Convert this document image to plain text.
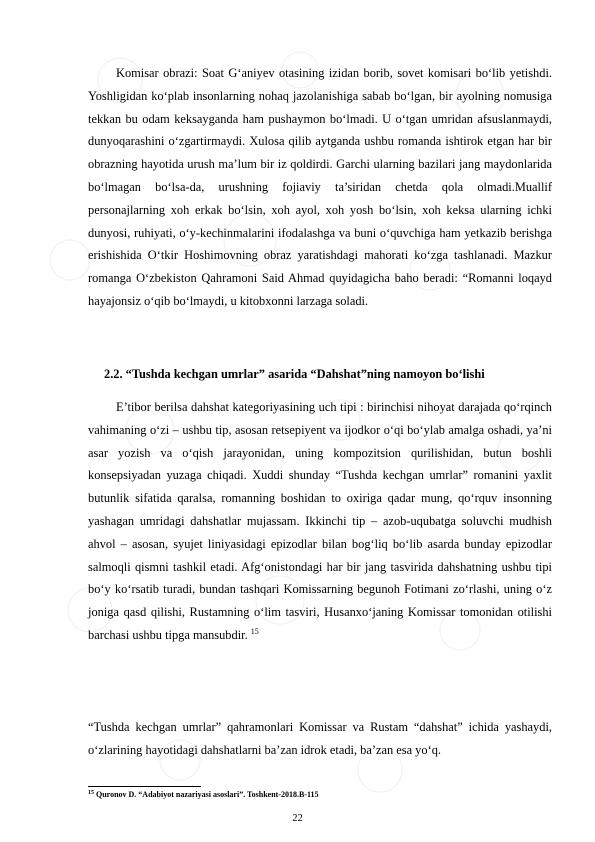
Komisar obrazi: Soat G‘aniyev otasining izidan borib, sovet komisari bo‘lib yetishdi. Yoshligidan ko‘plab insonlarning nohaq jazolanishiga sabab bo‘lgan, bir ayolning nomusiga tekkan bu odam keksayganda ham pushaymon bo‘lmadi. U o‘tgan umridan afsuslanmaydi, dunyoqarashini o‘zgartirmaydi. Xulosa qilib aytganda ushbu romanda ishtirok etgan har bir obrazning hayotida urush ma’lum bir iz qoldirdi. Garchi ularning bazilari jang maydonlarida bo‘lmagan bo‘lsa-da, urushning fojiaviy ta’siridan chetda qola olmadi.Muallif personajlarning xoh erkak bo‘lsin, xoh ayol, xoh yosh bo‘lsin, xoh keksa ularning ichki dunyosi, ruhiyati, o‘y-kechinmalarini ifodalashga va buni o‘quvchiga ham yetkazib berishga erishishida O‘tkir Hoshimovning obraz yaratishdagi mahorati ko‘zga tashlanadi. Mazkur romanga O‘zbekiston Qahramoni Said Ahmad quyidagicha baho beradi: “Romanni loqayd hayajonsiz o‘qib bo‘lmaydi, u kitobxonni larzaga soladi.

2.2. “Tushda kechgan umrlar” asarida “Dahshat”ning namoyon bo‘lishi

E’tibor berilsa dahshat kategoriyasining uch tipi : birinchisi nihoyat darajada qo‘rqinch vahimaning o‘zi – ushbu tip, asosan retsepiyent va ijodkor o‘qi bo‘ylab amalga oshadi, ya’ni asar yozish va o‘qish jarayonidan, uning kompozitsion qurilishidan, butun boshli konsepsiyadan yuzaga chiqadi. Xuddi shunday “Tushda kechgan umrlar” romanini yaxlit butunlik sifatida qaralsa, romanning boshidan to oxiriga qadar mung, qo‘rquv insonning yashagan umridagi dahshatlar mujassam. Ikkinchi tip – azob-uqubatga soluvchi mudhish ahvol – asosan, syujet liniyasidagi epizodlar bilan bog‘liq bo‘lib asarda bunday epizodlar salmoqli qismni tashkil etadi. Afg‘onistondagi har bir jang tasvirida dahshatning ushbu tipi bo‘y ko‘rsatib turadi, bundan tashqari Komissarning begunoh Fotimani zo‘rlashi, uning o‘z joniga qasd qilishi, Rustamning o‘lim tasviri, Husanxo‘janing Komissar tomonidan otilishi barchasi ushbu tipga mansubdir. $^{15}$

“Tushda kechgan umrlar” qahramonlari Komissar va Rustam “dahshat” ichida yashaydi, o‘zlarining hayotidagi dahshatlarni ba’zan idrok etadi, ba’zan esa yo‘q.

$^{15}$ Quronov D. “Adabiyot nazariyasi asoslari”. Toshkent-2018.B-115
22
